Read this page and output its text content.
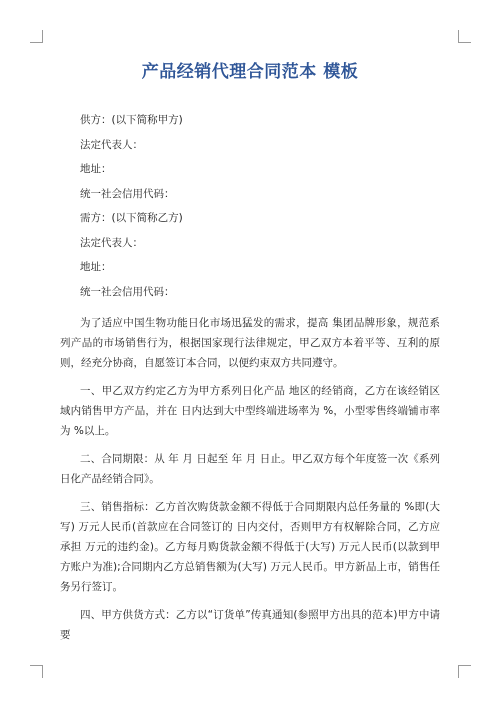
产品经销代理合同范本 模板
供方：(以下简称甲方)
法定代表人：
地址：
统一社会信用代码：
需方：(以下简称乙方)
法定代表人：
地址：
统一社会信用代码：

为了适应中国生物功能日化市场迅猛发的需求，提高 集团品牌形象，规范系列产品的市场销售行为，根据国家现行法律规定，甲乙双方本着平等、互利的原则，经充分协商，自愿签订本合同，以便约束双方共同遵守。

一、甲乙双方约定乙方为甲方系列日化产品 地区的经销商，乙方在该经销区域内销售甲方产品，并在 日内达到大中型终端进场率为 %，小型零售终端铺市率为 %以上。

二、合同期限：从 年 月 日起至 年 月 日止。甲乙双方每个年度签一次《系列日化产品经销合同》。

三、销售指标：乙方首次购货款金额不得低于合同期限内总任务量的 %即(大写) 万元人民币(首款应在合同签订的 日内交付，否则甲方有权解除合同，乙方应承担 万元的违约金)。乙方每月购货款金额不得低于(大写) 万元人民币(以款到甲方账户为准);合同期内乙方总销售额为(大写) 万元人民币。甲方新品上市，销售任务另行签订。

四、甲方供货方式：乙方以“订货单”传真通知(参照甲方出具的范本)甲方中请要
